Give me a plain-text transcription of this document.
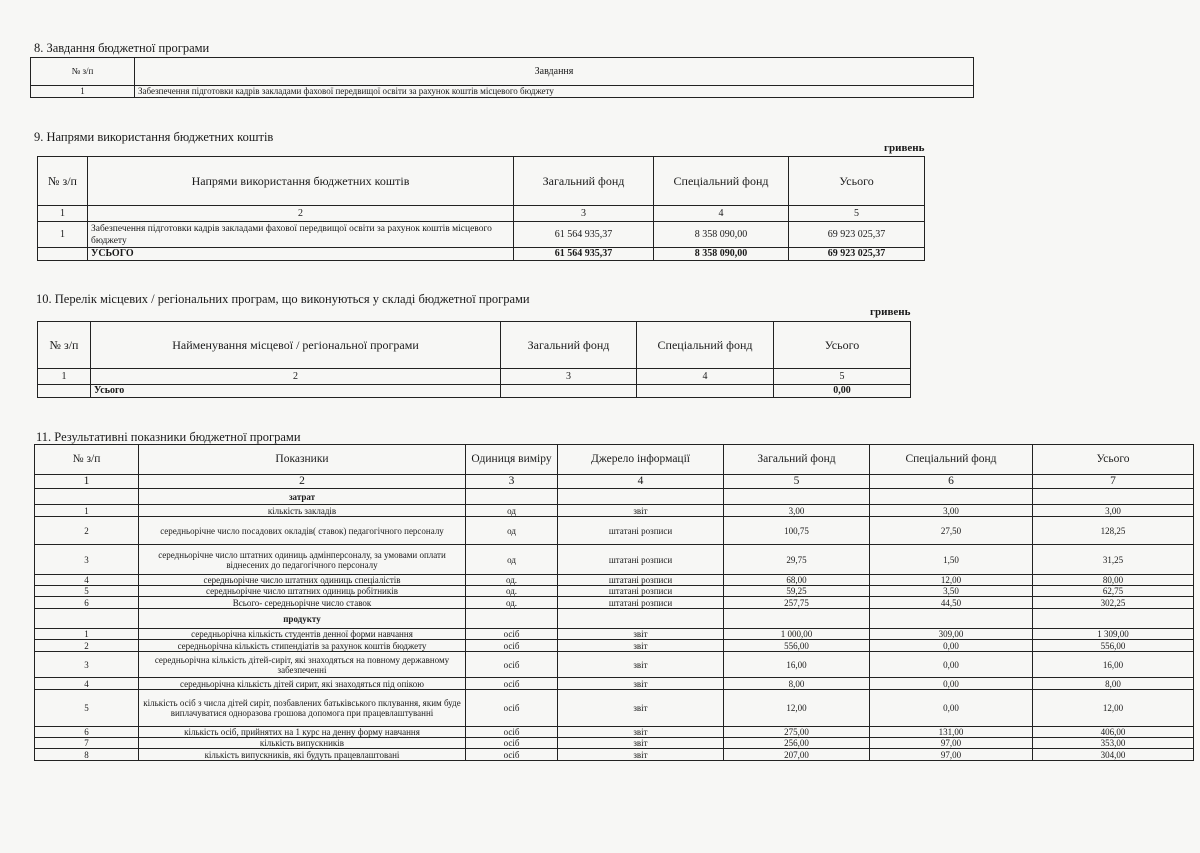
8. Завдання бюджетної програми
№ з/п	Завдання
1	Забезпечення підготовки кадрів закладами фахової передвищої освіти за рахунок коштів місцевого бюджету
9. Напрями використання бюджетних коштів
гривень
№ з/п	Напрями використання бюджетних коштів	Загальний фонд	Спеціальний фонд	Усього
1	2	3	4	5
1	Забезпечення підготовки кадрів закладами фахової передвищої освіти за рахунок коштів місцевого бюджету	61 564 935,37	8 358 090,00	69 923 025,37
	УСЬОГО	61 564 935,37	8 358 090,00	69 923 025,37
10. Перелік місцевих / регіональних програм, що виконуються у складі бюджетної програми
гривень
№ з/п	Найменування місцевої / регіональної програми	Загальний фонд	Спеціальний фонд	Усього
1	2	3	4	5
	Усього			0,00
11. Результативні показники бюджетної програми
№ з/п	Показники	Одиниця виміру	Джерело інформації	Загальний фонд	Спеціальний фонд	Усього
1	2	3	4	5	6	7
	затрат					
1	кількість закладів	од	звіт	3,00	3,00	3,00
2	середньорічне число посадових окладів( ставок) педагогічного персоналу	од	штатані розписи	100,75	27,50	128,25
3	середньорічне число штатних одиниць адмінперсоналу, за умовами оплати віднесених до педагогічного персоналу	од	штатані розписи	29,75	1,50	31,25
4	середньорічне число штатних одиниць спеціалістів	од.	штатані розписи	68,00	12,00	80,00
5	середньорічне число штатних одиниць робітників	од.	штатані розписи	59,25	3,50	62,75
6	Всього- середньорічне число ставок	од.	штатані розписи	257,75	44,50	302,25
	продукту					
1	середньорічна кількість студентів денної форми навчання	осіб	звіт	1 000,00	309,00	1 309,00
2	середньорічна кількість стипендіатів за рахунок коштів бюджету	осіб	звіт	556,00	0,00	556,00
3	середньорічна кількість дітей-сиріт, які знаходяться на повному державному забезпеченні	осіб	звіт	16,00	0,00	16,00
4	середньорічна кількість дітей сирит, які знаходяться під опікою	осіб	звіт	8,00	0,00	8,00
5	кількість осіб з числа дітей сиріт, позбавлених батьківського пклування, яким буде виплачуватися одноразова грошова допомога при працевлаштуванні	осіб	звіт	12,00	0,00	12,00
6	кількість осіб, прийнятих на 1 курс на денну форму навчання	осіб	звіт	275,00	131,00	406,00
7	кількість випускників	осіб	звіт	256,00	97,00	353,00
8	кількість випускників, які будуть працевлаштовані	осіб	звіт	207,00	97,00	304,00
